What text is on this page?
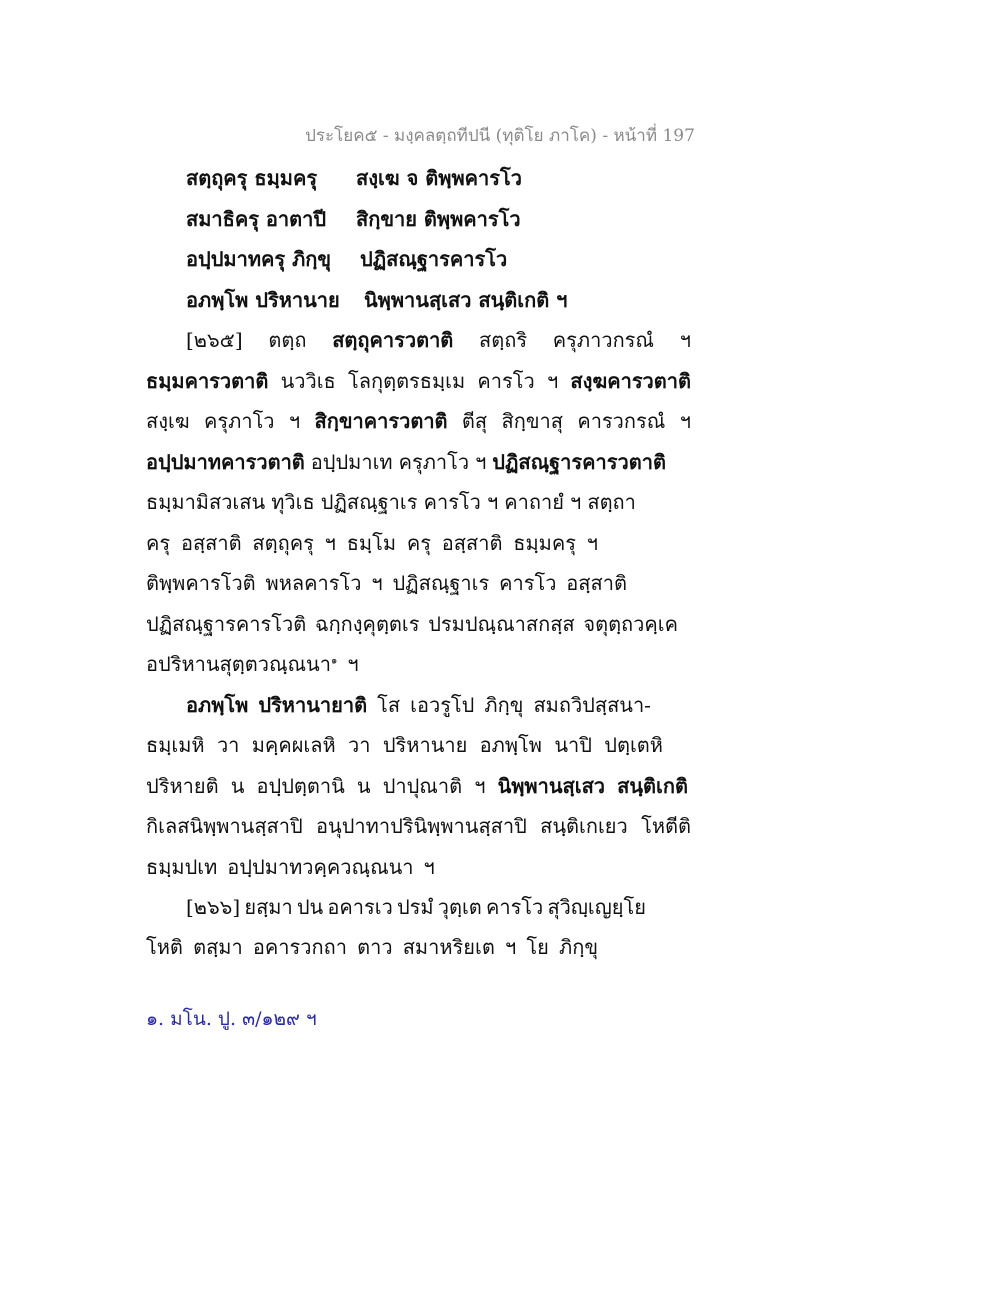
ประโยค๕ - มงฺคลตฺถทีปนี (ทุติโย ภาโค) - หน้าที่ 197
สตฺถุครุ ธมฺมครุ สงฺเฆ จ ติพฺพคารโว
สมาธิครุ อาตาปี สิกฺขาย ติพฺพคารโว
อปฺปมาทครุ ภิกฺขุ ปฏิสณฺฐารคารโว
อภพฺโพ ปริหานาย นิพฺพานสฺเสว สนฺติเกติ ฯ
[๒๖๕] ตตฺถ สตฺถุคารวตาติ สตฺถริ ครุภาวกรณํ ฯ
ธมฺมคารวตาติ นววิเธ โลกุตฺตรธมฺเม คารโว ฯ สงฺฆคารวตาติ
สงฺเฆ ครุภาโว ฯ สิกฺขาคารวตาติ ตีสุ สิกฺขาสุ คารวกรณํ ฯ
อปฺปมาทคารวตาติ อปฺปมาเท ครุภาโว ฯ ปฏิสณฺฐารคารวตาติ
ธมฺมามิสวเสน ทุวิเธ ปฏิสณฺฐาเร คารโว ฯ คาถายํ ฯ สตฺถา
ครุ อสฺสาติ สตฺถุครุ ฯ ธมฺโม ครุ อสฺสาติ ธมฺมครุ ฯ
ติพฺพคารโวติ พหลคารโว ฯ ปฏิสณฺฐาเร คารโว อสฺสาติ
ปฏิสณฺฐารคารโวติ ฉกฺกงฺคุตฺตเร ปรมปณฺณาสกสฺส จตุตฺถวคฺเค
อปริหานสุตฺตวณฺณนา$^๑$ ฯ
อภพฺโพ ปริหานายาติ โส เอวรูโป ภิกฺขุ สมถวิปสฺสนา-
ธมฺเมหิ วา มคฺคผเลหิ วา ปริหานาย อภพฺโพ นาปิ ปตฺเตหิ
ปริหายติ น อปฺปตฺตานิ น ปาปุณาติ ฯ นิพฺพานสฺเสว สนฺติเกติ
กิเลสนิพฺพานสฺสาปิ อนุปาทาปรินิพฺพานสฺสาปิ สนฺติเกเยว โหตีติ
ธมฺมปเท อปฺปมาทวคฺควณฺณนา ฯ
[๒๖๖] ยสฺมา ปน อคารเว ปรมํ วุตฺเต คารโว สุวิญฺเญยฺโย
โหติ ตสฺมา อคารวกถา ตาว สมาหริยเต ฯ โย ภิกฺขุ
๑. มโน. ปู. ๓/๑๒๙ ฯ
